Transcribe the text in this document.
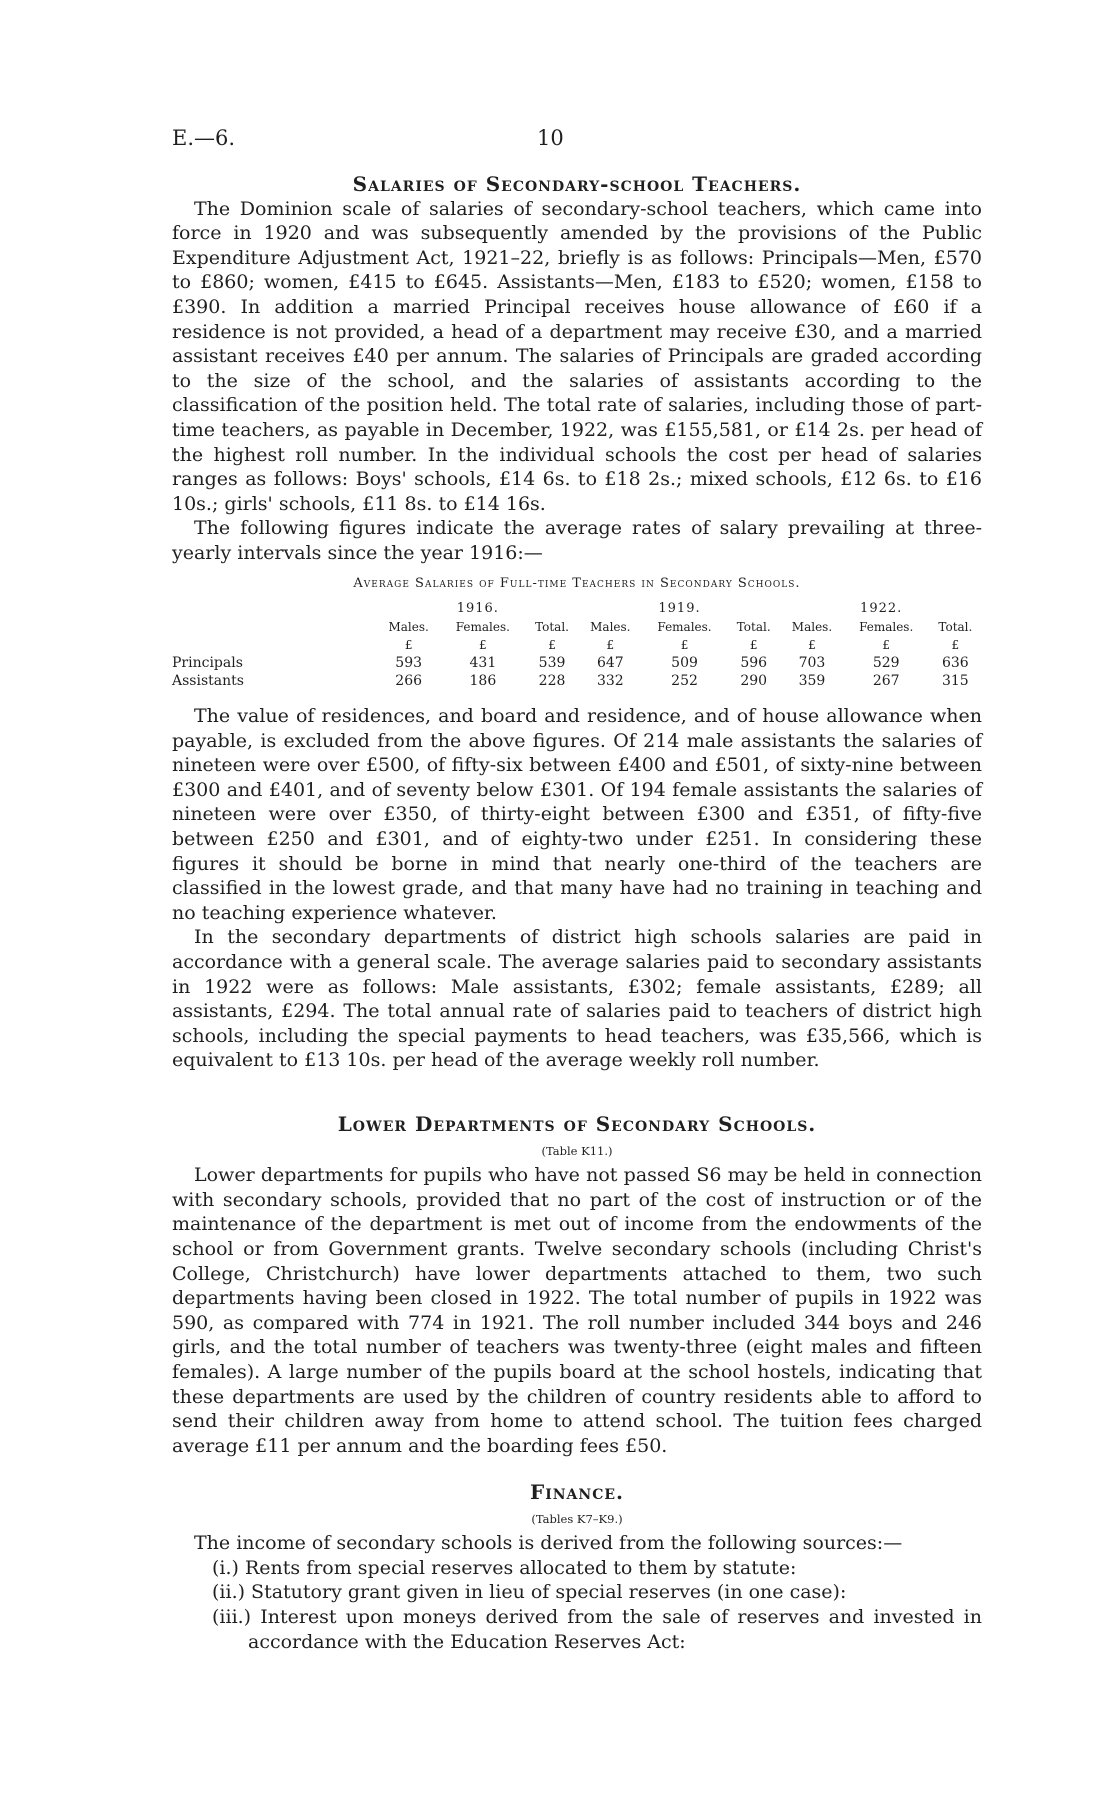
E.—6.	10
Salaries of Secondary-school Teachers.

The Dominion scale of salaries of secondary-school teachers, which came into force in 1920 and was subsequently amended by the provisions of the Public Expenditure Adjustment Act, 1921–22, briefly is as follows: Principals—Men, £570 to £860; women, £415 to £645. Assistants—Men, £183 to £520; women, £158 to £390. In addition a married Principal receives house allowance of £60 if a residence is not provided, a head of a department may receive £30, and a married assistant receives £40 per annum. The salaries of Principals are graded according to the size of the school, and the salaries of assistants according to the classification of the position held. The total rate of salaries, including those of part-time teachers, as payable in December, 1922, was £155,581, or £14 2s. per head of the highest roll number. In the individual schools the cost per head of salaries ranges as follows: Boys' schools, £14 6s. to £18 2s.; mixed schools, £12 6s. to £16 10s.; girls' schools, £11 8s. to £14 16s.

The following figures indicate the average rates of salary prevailing at three-yearly intervals since the year 1916:—

Average Salaries of Full-time Teachers in Secondary Schools.
	1916.			1919.			1922.		
	Males.	Females.	Total.	Males.	Females.	Total.	Males.	Females.	Total.
	£	£	£	£	£	£	£	£	£
Principals	593	431	539	647	509	596	703	529	636
Assistants	266	186	228	332	252	290	359	267	315

The value of residences, and board and residence, and of house allowance when payable, is excluded from the above figures. Of 214 male assistants the salaries of nineteen were over £500, of fifty-six between £400 and £501, of sixty-nine between £300 and £401, and of seventy below £301. Of 194 female assistants the salaries of nineteen were over £350, of thirty-eight between £300 and £351, of fifty-five between £250 and £301, and of eighty-two under £251. In considering these figures it should be borne in mind that nearly one-third of the teachers are classified in the lowest grade, and that many have had no training in teaching and no teaching experience whatever.

In the secondary departments of district high schools salaries are paid in accordance with a general scale. The average salaries paid to secondary assistants in 1922 were as follows: Male assistants, £302; female assistants, £289; all assistants, £294. The total annual rate of salaries paid to teachers of district high schools, including the special payments to head teachers, was £35,566, which is equivalent to £13 10s. per head of the average weekly roll number.

Lower Departments of Secondary Schools.
(Table K11.)

Lower departments for pupils who have not passed S6 may be held in connection with secondary schools, provided that no part of the cost of instruction or of the maintenance of the department is met out of income from the endowments of the school or from Government grants. Twelve secondary schools (including Christ's College, Christchurch) have lower departments attached to them, two such departments having been closed in 1922. The total number of pupils in 1922 was 590, as compared with 774 in 1921. The roll number included 344 boys and 246 girls, and the total number of teachers was twenty-three (eight males and fifteen females). A large number of the pupils board at the school hostels, indicating that these departments are used by the children of country residents able to afford to send their children away from home to attend school. The tuition fees charged average £11 per annum and the boarding fees £50.

Finance.
(Tables K7–K9.)

The income of secondary schools is derived from the following sources:—

(i.) Rents from special reserves allocated to them by statute:
(ii.) Statutory grant given in lieu of special reserves (in one case):
(iii.) Interest upon moneys derived from the sale of reserves and invested in accordance with the Education Reserves Act:
